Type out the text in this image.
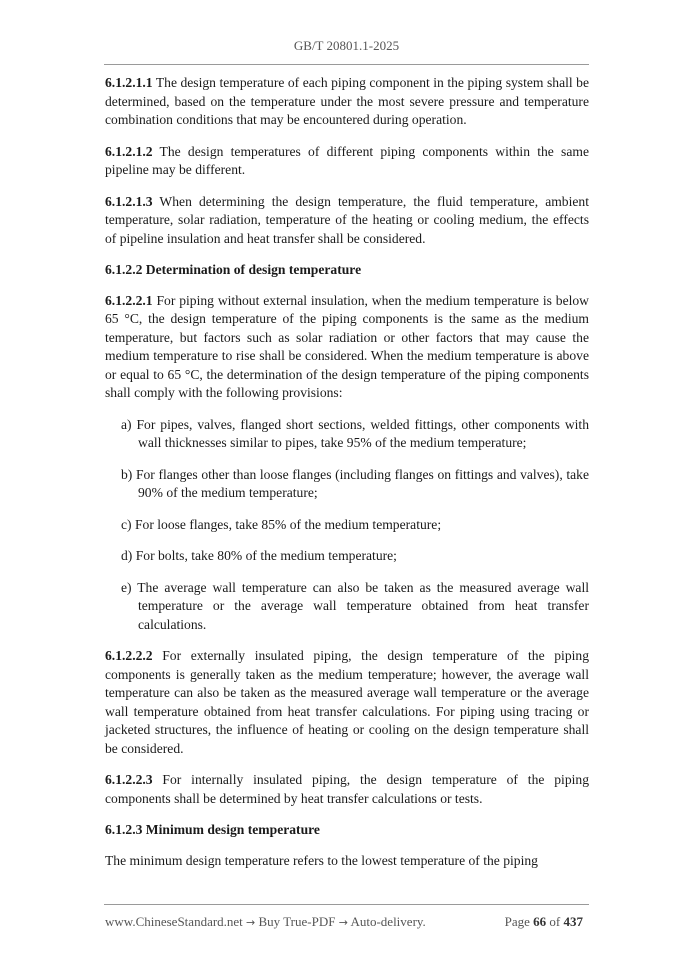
GB/T 20801.1-2025

6.1.2.1.1 The design temperature of each piping component in the piping system shall be determined, based on the temperature under the most severe pressure and temperature combination conditions that may be encountered during operation.

6.1.2.1.2 The design temperatures of different piping components within the same pipeline may be different.

6.1.2.1.3 When determining the design temperature, the fluid temperature, ambient temperature, solar radiation, temperature of the heating or cooling medium, the effects of pipeline insulation and heat transfer shall be considered.

6.1.2.2 Determination of design temperature

6.1.2.2.1 For piping without external insulation, when the medium temperature is below 65 °C, the design temperature of the piping components is the same as the medium temperature, but factors such as solar radiation or other factors that may cause the medium temperature to rise shall be considered. When the medium temperature is above or equal to 65 °C, the determination of the design temperature of the piping components shall comply with the following provisions:

a) For pipes, valves, flanged short sections, welded fittings, other components with wall thicknesses similar to pipes, take 95% of the medium temperature;
b) For flanges other than loose flanges (including flanges on fittings and valves), take 90% of the medium temperature;
c) For loose flanges, take 85% of the medium temperature;
d) For bolts, take 80% of the medium temperature;
e) The average wall temperature can also be taken as the measured average wall temperature or the average wall temperature obtained from heat transfer calculations.

6.1.2.2.2 For externally insulated piping, the design temperature of the piping components is generally taken as the medium temperature; however, the average wall temperature can also be taken as the measured average wall temperature or the average wall temperature obtained from heat transfer calculations. For piping using tracing or jacketed structures, the influence of heating or cooling on the design temperature shall be considered.

6.1.2.2.3 For internally insulated piping, the design temperature of the piping components shall be determined by heat transfer calculations or tests.

6.1.2.3 Minimum design temperature

The minimum design temperature refers to the lowest temperature of the piping

www.ChineseStandard.net → Buy True-PDF → Auto-delivery.	Page 66 of 437
